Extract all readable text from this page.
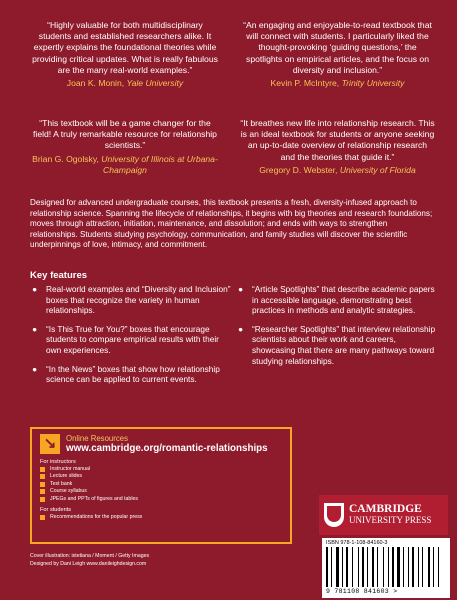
“Highly valuable for both multidisciplinary students and established researchers alike. It expertly explains the foundational theories while providing critical updates. What is really fabulous are the many real-world examples.”

Joan K. Monin, Yale University

“An engaging and enjoyable-to-read textbook that will connect with students. I particularly liked the thought-provoking ‘guiding questions,’ the spotlights on empirical articles, and the focus on diversity and inclusion.”

Kevin P. McIntyre, Trinity University

“This textbook will be a game changer for the field! A truly remarkable resource for relationship scientists.”

Brian G. Ogolsky, University of Illinois at Urbana-Champaign

“It breathes new life into relationship research. This is an ideal textbook for students or anyone seeking an up-to-date overview of relationship research and the theories that guide it.”

Gregory D. Webster, University of Florida

Designed for advanced undergraduate courses, this textbook presents a fresh, diversity-infused approach to relationship science. Spanning the lifecycle of relationships, it begins with big theories and research foundations; moves through attraction, initiation, maintenance, and dissolution; and ends with ways to strengthen relationships. Students studying psychology, communication, and family studies will discover the scientific underpinnings of love, intimacy, and commitment.

Key features
● Real-world examples and “Diversity and Inclusion” boxes that recognize the variety in human relationships.
● “Is This True for You?” boxes that encourage students to compare empirical results with their own experiences.
● “In the News” boxes that show how relationship science can be applied to current events.
● “Article Spotlights” that describe academic papers in accessible language, demonstrating best practices in methods and analytic strategies.
● “Researcher Spotlights” that interview relationship scientists about their work and careers, showcasing that there are many pathways toward studying relationships.
↘	Online Resources
www.cambridge.org/romantic-relationships
For instructors
Instructor manual
Lecture slides
Test bank
Course syllabus
JPEGs and PPTs of figures and tables
For students
Recommendations for the popular press
Cover illustration: istetiana / Moment / Getty Images
Designed by Dani Leigh www.danileighdesign.com
CAMBRIDGE
UNIVERSITY PRESS
ISBN 978-1-108-84160-3
9 781108 841603 >
